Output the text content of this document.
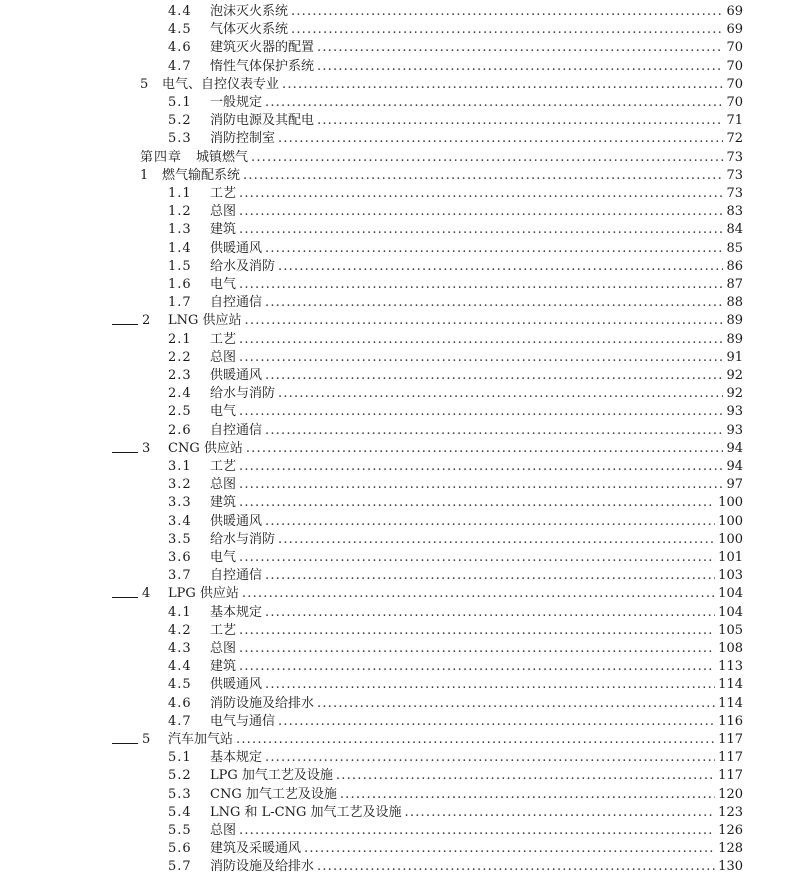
4.4 泡沫灭火系统 .....	69
4.5 气体灭火系统 .....	69
4.6 建筑灭火器的配置 .....	70
4.7 惰性气体保护系统 .....	70
5 电气、自控仪表专业 .....	70
5.1 一般规定 .....	70
5.2 消防电源及其配电 .....	71
5.3 消防控制室 .....	72
第四章 城镇燃气 .....	73
1 燃气输配系统 .....	73
1.1 工艺 .....	73
1.2 总图 .....	83
1.3 建筑 .....	84
1.4 供暖通风 .....	85
1.5 给水及消防 .....	86
1.6 电气 .....	87
1.7 自控通信 .....	88
2 LNG 供应站 .....	89
2.1 工艺 .....	89
2.2 总图 .....	91
2.3 供暖通风 .....	92
2.4 给水与消防 .....	92
2.5 电气 .....	93
2.6 自控通信 .....	93
3 CNG 供应站 .....	94
3.1 工艺 .....	94
3.2 总图 .....	97
3.3 建筑 .....	100
3.4 供暖通风 .....	100
3.5 给水与消防 .....	100
3.6 电气 .....	101
3.7 自控通信 .....	103
4 LPG 供应站 .....	104
4.1 基本规定 .....	104
4.2 工艺 .....	105
4.3 总图 .....	108
4.4 建筑 .....	113
4.5 供暖通风 .....	114
4.6 消防设施及给排水 .....	114
4.7 电气与通信 .....	116
5 汽车加气站 .....	117
5.1 基本规定 .....	117
5.2 LPG 加气工艺及设施 .....	117
5.3 CNG 加气工艺及设施 .....	120
5.4 LNG 和 L-CNG 加气工艺及设施 .....	123
5.5 总图 .....	126
5.6 建筑及采暖通风 .....	128
5.7 消防设施及给排水 .....	130
